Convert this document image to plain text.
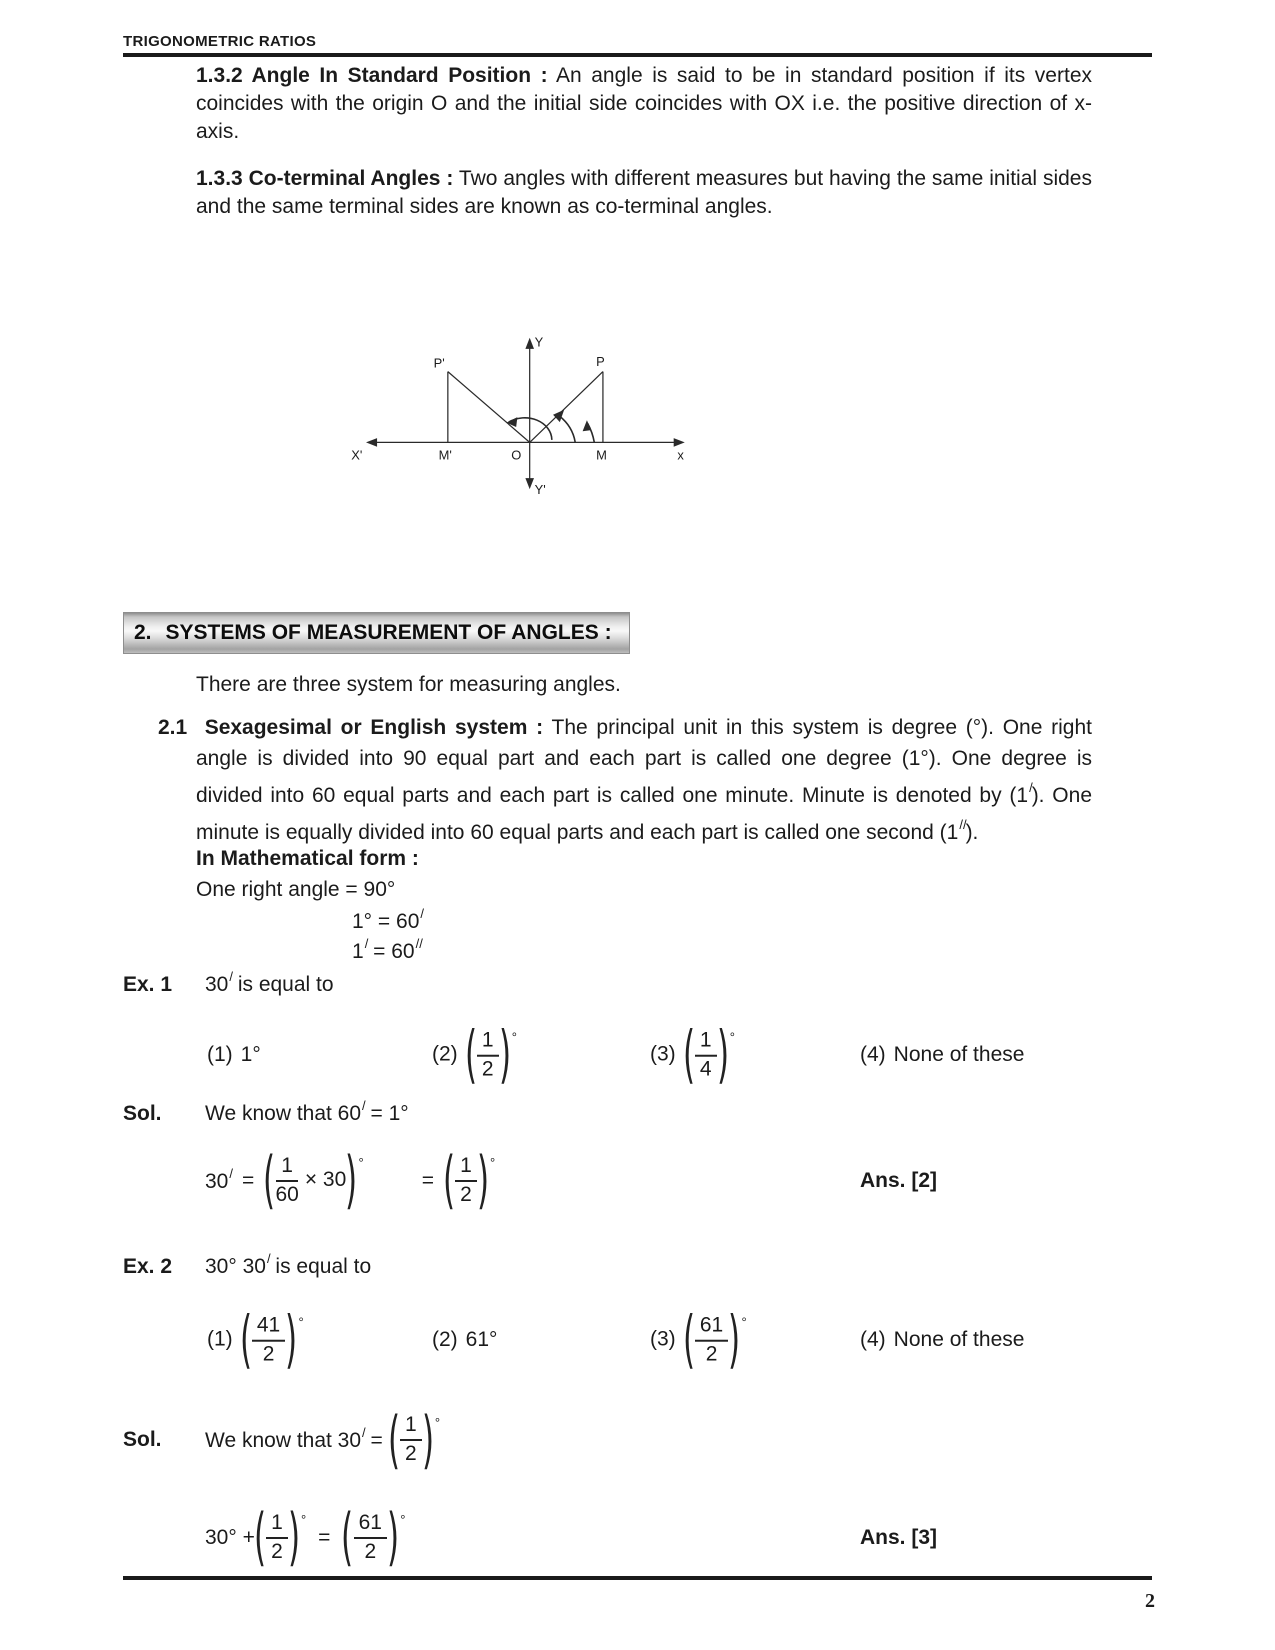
TRIGONOMETRIC RATIOS
1.3.2 Angle In Standard Position : An angle is said to be in standard position if its vertex coincides with the origin O and the initial side coincides with OX i.e. the positive direction of x-axis.
1.3.3 Co-terminal Angles : Two angles with different measures but having the same initial sides and the same terminal sides are known as co-terminal angles.
Y
Y'
X'	x
O
M'	M
P'	P
2. SYSTEMS OF MEASUREMENT OF ANGLES :
There are three system for measuring angles.
2.1 Sexagesimal or English system : The principal unit in this system is degree (°). One right angle is divided into 90 equal part and each part is called one degree (1°). One degree is divided into 60 equal parts and each part is called one minute. Minute is denoted by (1/). One minute is equally divided into 60 equal parts and each part is called one second (1//).
In Mathematical form :
One right angle = 90°
1° = 60/
1/ = 60//
Ex. 1	30/ is equal to
(1) 1°	(2) ( $\frac{1}{2} )^\circ$
(3) ( $\frac{1}{4} )^\circ$
(4) None of these
Sol.	We know that 60/ = 1°
30/ = ( $\frac{1}{60} \times 30$ )°
= ( $\frac{1}{2} )^\circ$
Ans. [2]
Ex. 2	30° 30/ is equal to
(1) ( $\frac{41}{2} )^\circ$
(2) 61°	(3) ( $\frac{61}{2} )^\circ$
(4) None of these
Sol.	We know that 30/ = ( $\frac{1}{2} )^\circ$
30° + ( $\frac{1}{2} )^\circ$
= ( $\frac{61}{2} )^\circ$
Ans. [3]
2
